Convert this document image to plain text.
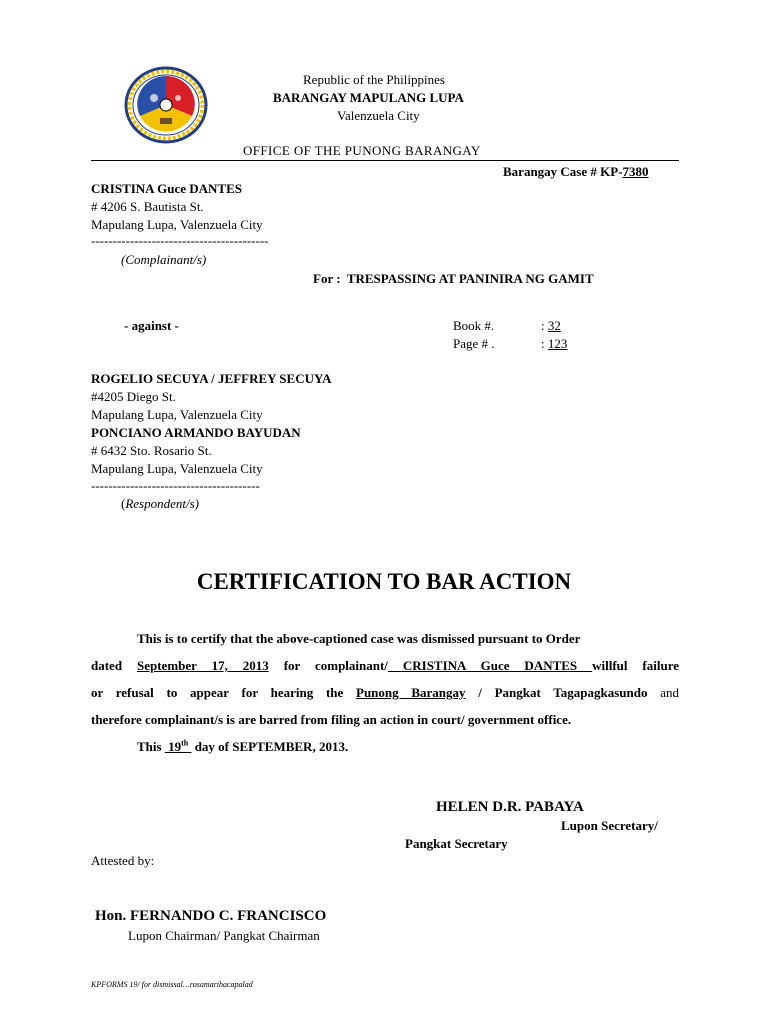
Republic of the Philippines
BARANGAY MAPULANG LUPA
Valenzuela City
OFFICE OF THE PUNONG BARANGAY
Barangay Case # KP-7380
CRISTINA Guce DANTES
# 4206 S. Bautista St.
Mapulang Lupa, Valenzuela City
-----------------------------------------
(Complainant/s)
For : TRESPASSING AT PANINIRA NG GAMIT
- against -	Book #.	: 32
Page # .	: 123
ROGELIO SECUYA / JEFFREY SECUYA
#4205 Diego St.
Mapulang Lupa, Valenzuela City
PONCIANO ARMANDO BAYUDAN
# 6432 Sto. Rosario St.
Mapulang Lupa, Valenzuela City
---------------------------------------
(Respondent/s)
CERTIFICATION TO BAR ACTION
This is to certify that the above-captioned case was dismissed pursuant to Order
dated September 17, 2013 for complainant/ CRISTINA Guce DANTES willful failure
or refusal to appear for hearing the Punong Barangay / Pangkat Tagapagkasundo and
therefore complainant/s is are barred from filing an action in court/ government office.
This 19th day of SEPTEMBER, 2013.
HELEN D.R. PABAYA
Lupon Secretary/
Pangkat Secretary
Attested by:
Hon. FERNANDO C. FRANCISCO
Lupon Chairman/ Pangkat Chairman
KPFORMS 19/ for dismissal…rosamaribacapalad
